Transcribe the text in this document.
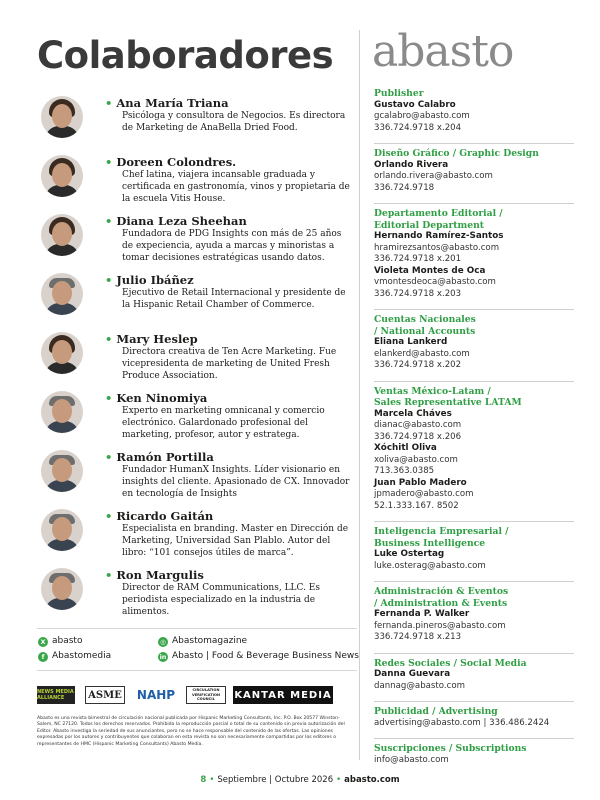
Colaboradores abasto
• Ana María Triana
Psicóloga y consultora de Negocios. Es directora de Marketing de AnaBella Dried Food.
• Doreen Colondres.
Chef latina, viajera incansable graduada y certificada en gastronomía, vinos y propietaria de la escuela Vitis House.
• Diana Leza Sheehan
Fundadora de PDG Insights con más de 25 años de expeciencia, ayuda a marcas y minoristas a tomar decisiones estratégicas usando datos.
• Julio Ibáñez
Ejecutivo de Retail Internacional y presidente de la Hispanic Retail Chamber of Commerce.
• Mary Heslep
Directora creativa de Ten Acre Marketing. Fue vicepresidenta de marketing de United Fresh Produce Association.
• Ken Ninomiya
Experto en marketing omnicanal y comercio electrónico. Galardonado profesional del marketing, profesor, autor y estratega.
• Ramón Portilla
Fundador HumanX Insights. Líder visionario en insights del cliente. Apasionado de CX. Innovador en tecnología de Insights
• Ricardo Gaitán
Especialista en branding. Master en Dirección de Marketing, Universidad San Plablo. Autor del libro: “101 consejos útiles de marca”.
• Ron Margulis
Director de RAM Communications, LLC. Es periodista especializado en la industria de alimentos.
X abasto
f Abastomedia
◎ Abastomagazine
in Abasto | Food & Beverage Business News
NEWS MEDIA ALLIANCE	ASME	NAHP	CIRCULATION VERIFICATION COUNCIL	KANTAR MEDIA
Abasto es una revista bimestral de circulación nacional publicada por Hispanic Marketing Consultants, Inc. P.O. Box 20577 Winston-Salem, NC 27120. Todos los derechos reservados. Prohibida la reproducción parcial o total de su contenido sin previa autorización del Editor. Abasto investiga la seriedad de sus anunciantes, pero no se hace responsable del contenido de las ofertas. Las opiniones expresadas por los autores y contribuyentes que colaboran en esta revista no son necesariamente compartidas por los editores o representantes de HMC (Hispanic Marketing Consultants) Abasto Media.
8 • Septiembre | Octubre 2026 • abasto.com
Publisher
Gustavo Calabro
gcalabro@abasto.com
336.724.9718 x.204
Diseño Gráfico / Graphic Design
Orlando Rivera
orlando.rivera@abasto.com
336.724.9718
Departamento Editorial /
Editorial Department
Hernando Ramírez-Santos
hramirezsantos@abasto.com
336.724.9718 x.201
Violeta Montes de Oca
vmontesdeoca@abasto.com
336.724.9718 x.203
Cuentas Nacionales
/ National Accounts
Eliana Lankerd
elankerd@abasto.com
336.724.9718 x.202
Ventas México-Latam /
Sales Representative LATAM
Marcela Cháves
dianac@abasto.com
336.724.9718 x.206
Xóchitl Oliva
xoliva@abasto.com
713.363.0385
Juan Pablo Madero
jpmadero@abasto.com
52.1.333.167. 8502
Inteligencia Empresarial /
Business Intelligence
Luke Ostertag
luke.osterag@abasto.com
Administración & Eventos
/ Administration & Events
Fernanda P. Walker
fernanda.pineros@abasto.com
336.724.9718 x.213
Redes Sociales / Social Media
Danna Guevara
dannag@abasto.com
Publicidad / Advertising
advertising@abasto.com | 336.486.2424
Suscripciones / Subscriptions
info@abasto.com
